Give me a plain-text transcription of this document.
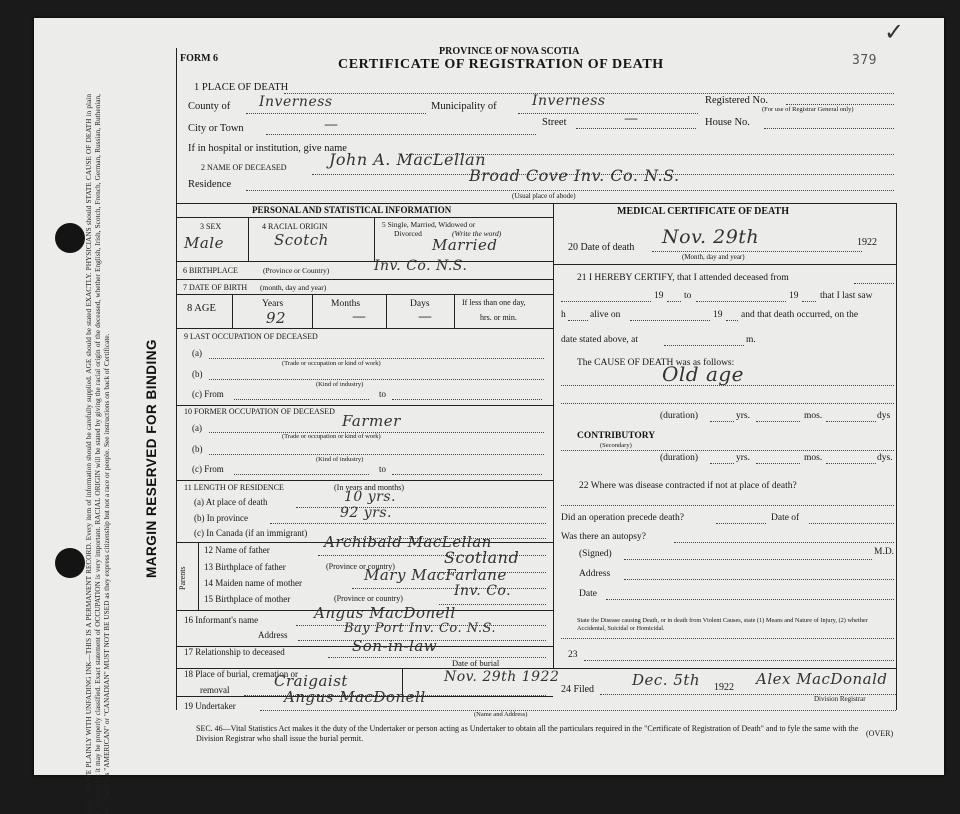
N.B.—WRITE PLAINLY WITH UNFADING INK—THIS IS A PERMANENT RECORD. Every item of information should be carefully supplied. AGE should be stated EXACTLY. PHYSICIANS should STATE CAUSE OF DEATH in plain terms, so that it may be properly classified. Exact statement of OCCUPATION is very important. RACIAL ORIGIN will be stated by giving the racial origin of the deceased, whether English, Irish, Scotch, French, German, Russian, Ruthenian, etc. The terms "AMERICAN" or "CANADIAN" MUST NOT BE USED as they express citizenship but not a race or people. See instructions on back of Certificate.	MARGIN RESERVED FOR BINDING
FORM 6
PROVINCE OF NOVA SCOTIA
CERTIFICATE OF REGISTRATION OF DEATH	379
✓
1 PLACE OF DEATH
County of Inverness	Municipality of	Inverness	Registered No.
(For use of Registrar General only)
City or Town	—	Street	—	House No.
If in hospital or institution, give name
2 NAME OF DECEASED	John A. MacLellan
Residence	Broad Cove Inv. Co. N.S.
(Usual place of abode)
PERSONAL AND STATISTICAL INFORMATION
3 SEX
Male
4 RACIAL ORIGIN
Scotch
5 Single, Married, Widowed or
Divorced	(Write the word)
Married
6 BIRTHPLACE	(Province or Country)	Inv. Co. N.S.
7 DATE OF BIRTH (month, day and year)
8 AGE	Years
92
Months
—
Days
—
If less than one day,
hrs. or min.
9 LAST OCCUPATION OF DECEASED
(a)
(Trade or occupation or kind of work)
(b)
(Kind of industry)
(c) From	to
10 FORMER OCCUPATION OF DECEASED
(a)	Farmer
(Trade or occupation or kind of work)
(b)
(Kind of industry)
(c) From	to
11 LENGTH OF RESIDENCE	(In years and months)
(a) At place of death	10 yrs.
(b) In province	92 yrs.
(c) In Canada (if an immigrant)
Parents
12 Name of father	Archibald MacLellan
13 Birthplace of father	(Province or country)	Scotland
14 Maiden name of mother	Mary MacFarlane
15 Birthplace of mother	(Province or country)	Inv. Co.
16 Informant's name	Angus MacDonell
Address	Bay Port Inv. Co. N.S.
17 Relationship to deceased	Son-in-law
18 Place of burial, cremation or
Date of burial
removal	Craigaist	Nov. 29th 1922
19 Undertaker	Angus MacDonell
(Name and Address)
MEDICAL CERTIFICATE OF DEATH
20 Date of death Nov. 29th	1922
(Month, day and year)
21 I HEREBY CERTIFY, that I attended deceased from
19 to	19 that I last saw
h	alive on	19 and that death occurred, on the
date stated above, at	m.
The CAUSE OF DEATH was as follows:
Old age
(duration)	yrs.	mos.	dys
CONTRIBUTORY
(Secondary)
(duration)	yrs.	mos.	dys.
22 Where was disease contracted if not at place of death?
Did an operation precede death?	Date of
Was there an autopsy?
(Signed)	M.D.
Address
Date
State the Disease causing Death, or in death from Violent Causes, state (1) Means and Nature of Injury, (2) whether Accidental, Suicidal or Homicidal.
23
24 Filed
Dec. 5th 1922 Alex MacDonald
Division Registrar
SEC. 46—Vital Statistics Act makes it the duty of the Undertaker or person acting as Undertaker to obtain all the particulars required in the "Certificate of Registration of Death" and to fyle the same with the Division Registrar who shall issue the burial permit.
(OVER)
